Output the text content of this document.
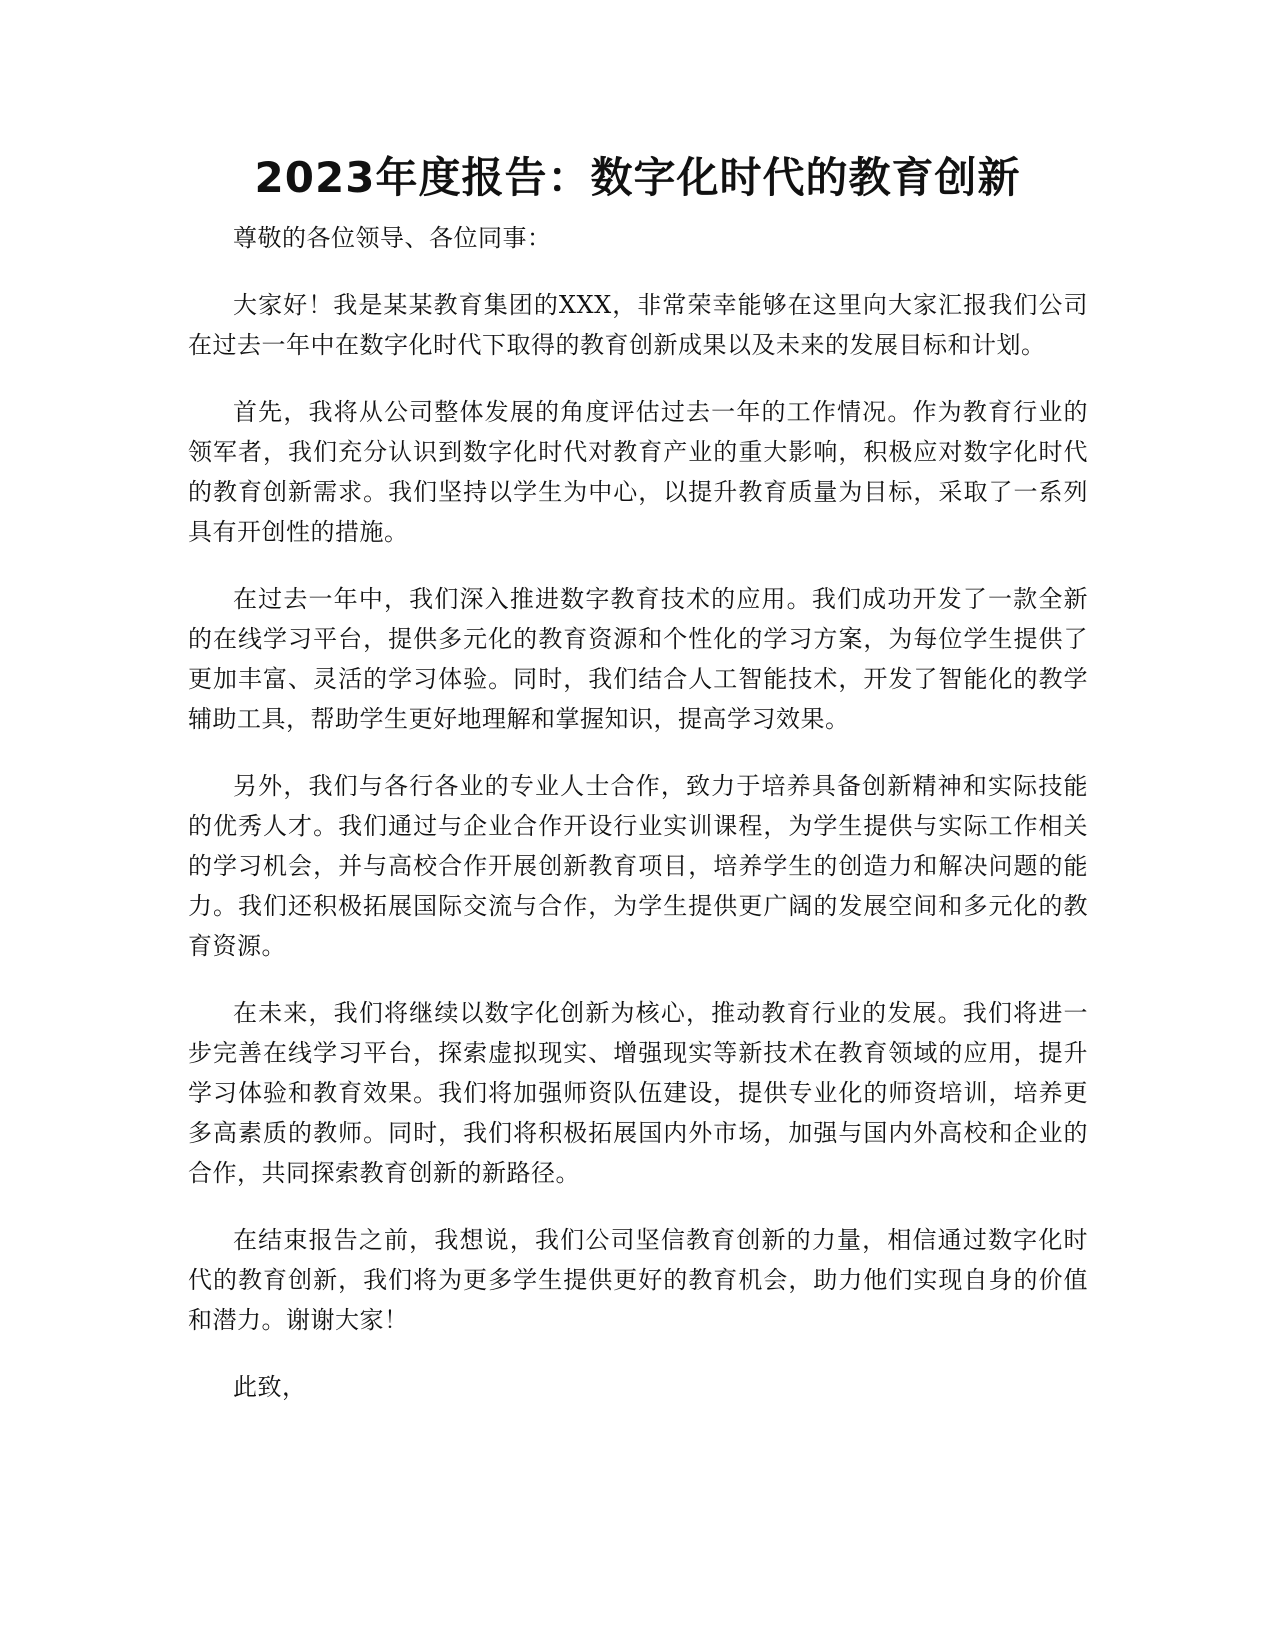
2023年度报告：数字化时代的教育创新

尊敬的各位领导、各位同事：

大家好！我是某某教育集团的XXX，非常荣幸能够在这里向大家汇报我们公司在过去一年中在数字化时代下取得的教育创新成果以及未来的发展目标和计划。

首先，我将从公司整体发展的角度评估过去一年的工作情况。作为教育行业的领军者，我们充分认识到数字化时代对教育产业的重大影响，积极应对数字化时代的教育创新需求。我们坚持以学生为中心，以提升教育质量为目标，采取了一系列具有开创性的措施。

在过去一年中，我们深入推进数字教育技术的应用。我们成功开发了一款全新的在线学习平台，提供多元化的教育资源和个性化的学习方案，为每位学生提供了更加丰富、灵活的学习体验。同时，我们结合人工智能技术，开发了智能化的教学辅助工具，帮助学生更好地理解和掌握知识，提高学习效果。

另外，我们与各行各业的专业人士合作，致力于培养具备创新精神和实际技能的优秀人才。我们通过与企业合作开设行业实训课程，为学生提供与实际工作相关的学习机会，并与高校合作开展创新教育项目，培养学生的创造力和解决问题的能力。我们还积极拓展国际交流与合作，为学生提供更广阔的发展空间和多元化的教育资源。

在未来，我们将继续以数字化创新为核心，推动教育行业的发展。我们将进一步完善在线学习平台，探索虚拟现实、增强现实等新技术在教育领域的应用，提升学习体验和教育效果。我们将加强师资队伍建设，提供专业化的师资培训，培养更多高素质的教师。同时，我们将积极拓展国内外市场，加强与国内外高校和企业的合作，共同探索教育创新的新路径。

在结束报告之前，我想说，我们公司坚信教育创新的力量，相信通过数字化时代的教育创新，我们将为更多学生提供更好的教育机会，助力他们实现自身的价值和潜力。谢谢大家！

此致，
